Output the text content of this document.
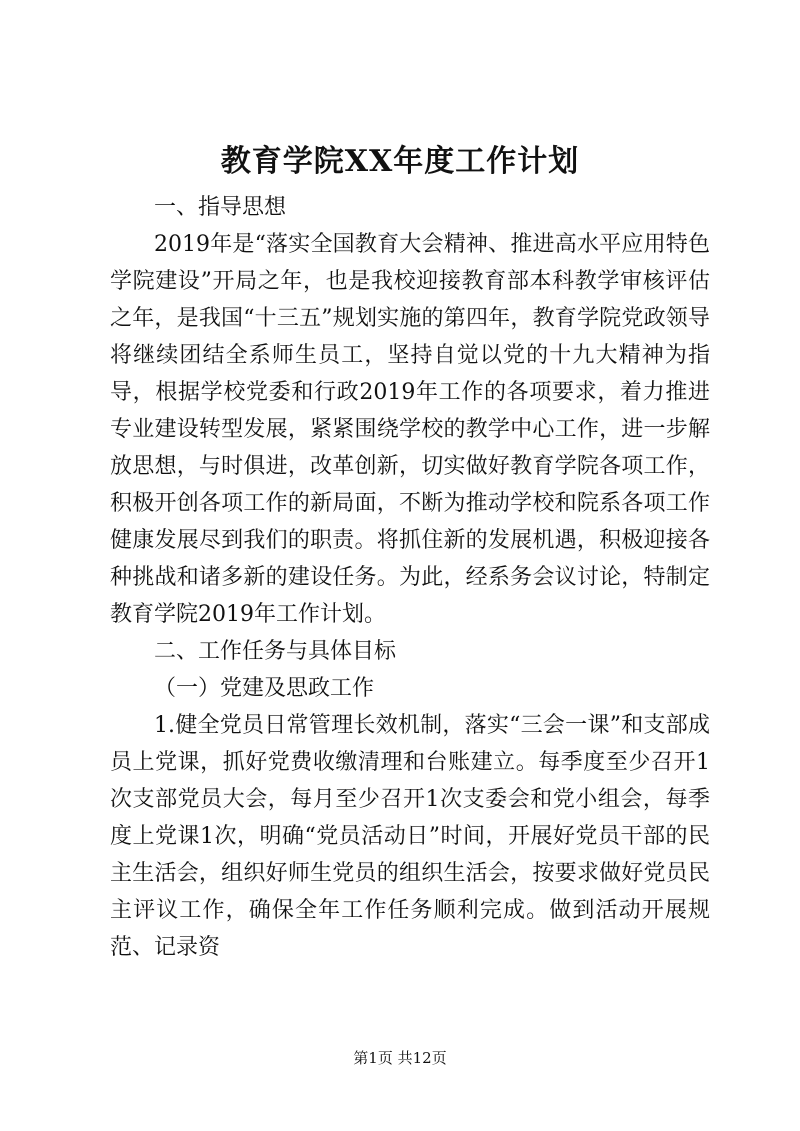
教育学院XX年度工作计划

一、指导思想

2019年是“落实全国教育大会精神、推进高水平应用特色学院建设”开局之年，也是我校迎接教育部本科教学审核评估之年，是我国“十三五”规划实施的第四年，教育学院党政领导将继续团结全系师生员工，坚持自觉以党的十九大精神为指导，根据学校党委和行政2019年工作的各项要求，着力推进专业建设转型发展，紧紧围绕学校的教学中心工作，进一步解放思想，与时俱进，改革创新，切实做好教育学院各项工作，积极开创各项工作的新局面，不断为推动学校和院系各项工作健康发展尽到我们的职责。将抓住新的发展机遇，积极迎接各种挑战和诸多新的建设任务。为此，经系务会议讨论，特制定教育学院2019年工作计划。

二、工作任务与具体目标

（一）党建及思政工作

1.健全党员日常管理长效机制，落实“三会一课”和支部成员上党课，抓好党费收缴清理和台账建立。每季度至少召开1次支部党员大会，每月至少召开1次支委会和党小组会，每季度上党课1次，明确“党员活动日”时间，开展好党员干部的民主生活会，组织好师生党员的组织生活会，按要求做好党员民主评议工作，确保全年工作任务顺利完成。做到活动开展规范、记录资

第1页 共12页
